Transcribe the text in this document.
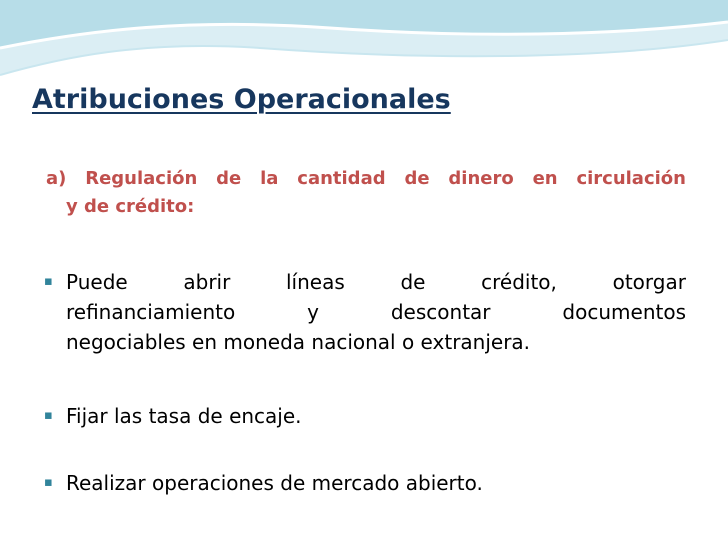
Atribuciones Operacionales
a) Regulación de la cantidad de dinero en circulación
y de crédito:
▪ Puede	abrir	líneas	de	crédito,	otorgar
refinanciamiento	y	descontar	documentos
negociables en moneda nacional o extranjera.
▪ Fijar las tasa de encaje.
▪ Realizar operaciones de mercado abierto.
